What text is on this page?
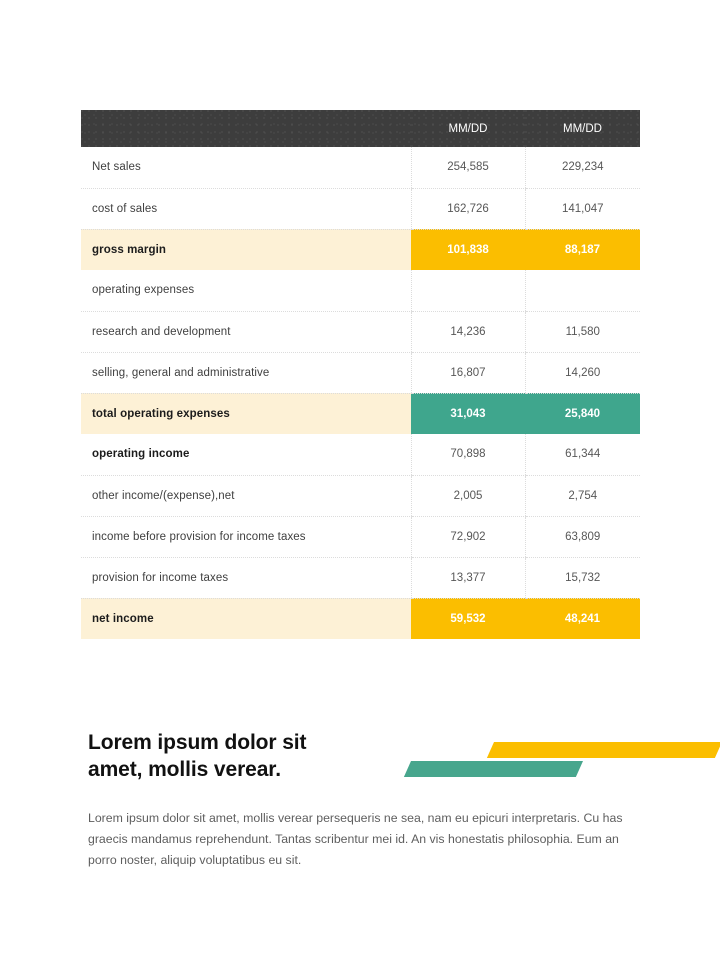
	MM/DD	MM/DD
Net sales	254,585	229,234
cost of sales	162,726	141,047
gross margin	101,838	88,187
operating expenses		
research and development	14,236	11,580
selling, general and administrative	16,807	14,260
total operating expenses	31,043	25,840
operating income	70,898	61,344
other income/(expense),net	2,005	2,754
income before provision for income taxes	72,902	63,809
provision for income taxes	13,377	15,732
net income	59,532	48,241
Lorem ipsum dolor sit
amet, mollis verear.
Lorem ipsum dolor sit amet, mollis verear persequeris ne sea, nam eu epicuri interpretaris. Cu has graecis mandamus reprehendunt. Tantas scribentur mei id. An vis honestatis philosophia. Eum an porro noster, aliquip voluptatibus eu sit.
